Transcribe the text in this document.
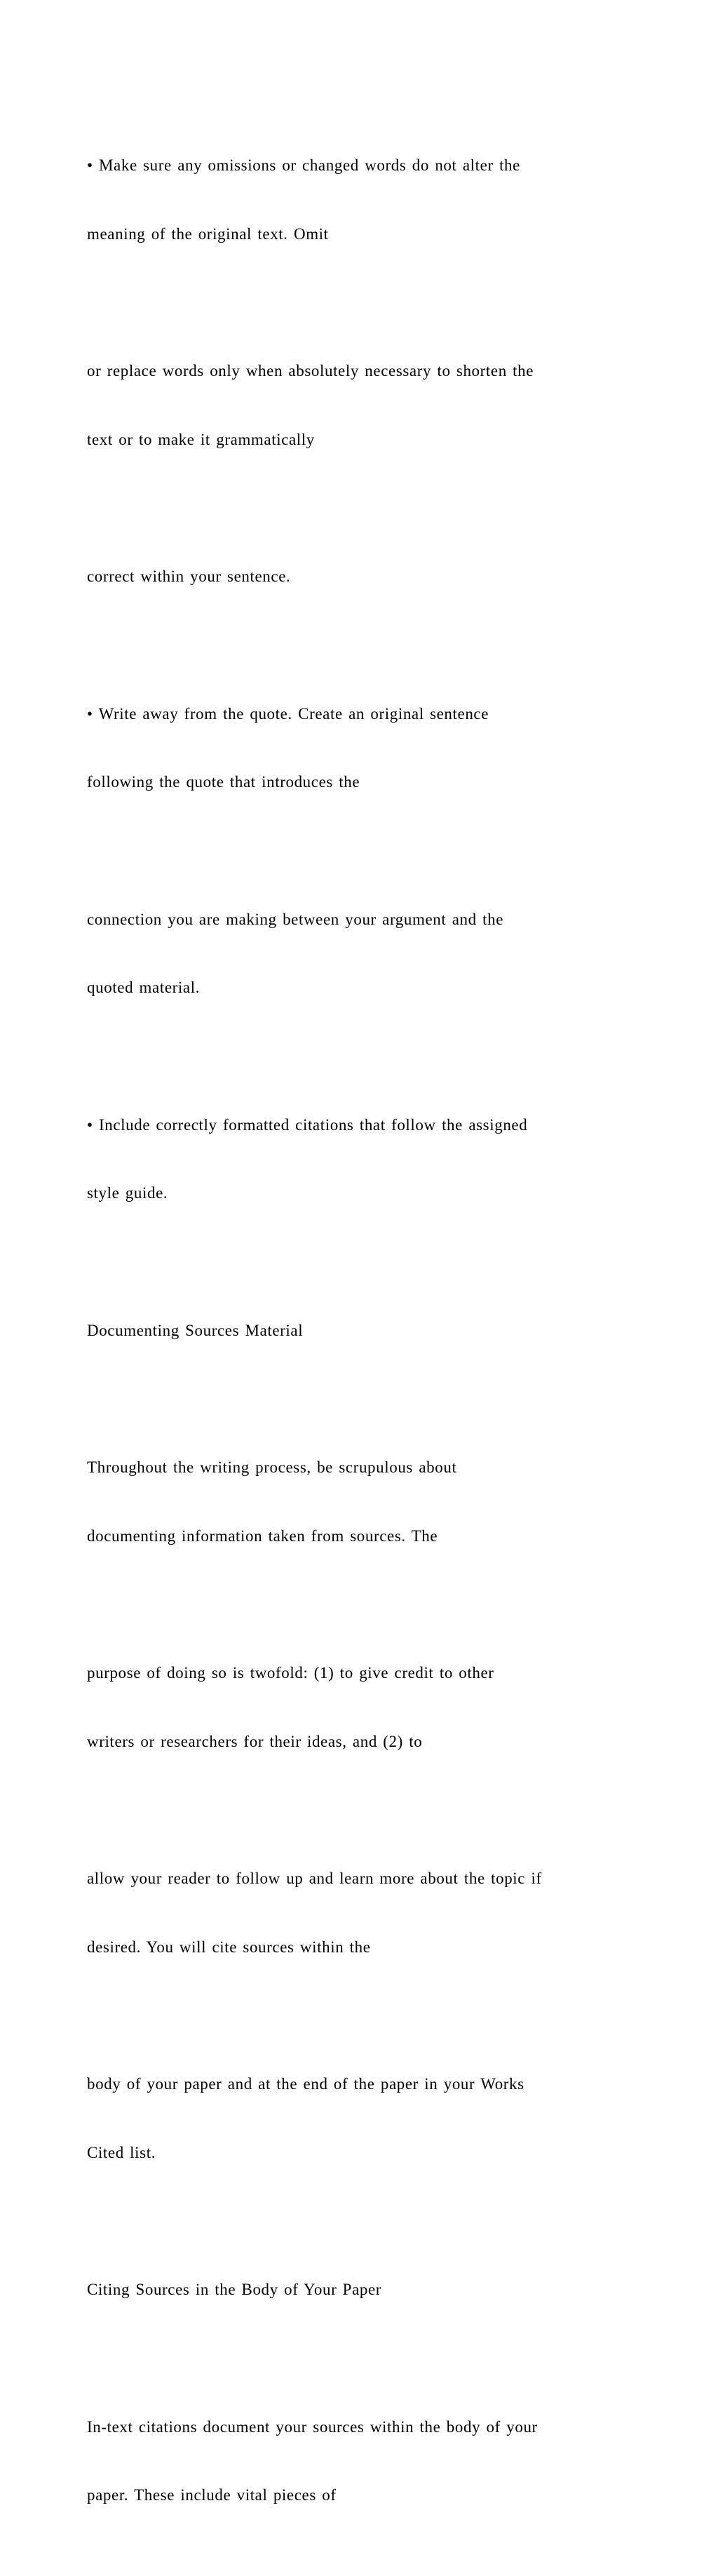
• Make sure any omissions or changed words do not alter the

meaning of the original text. Omit

or replace words only when absolutely necessary to shorten the

text or to make it grammatically

correct within your sentence.

• Write away from the quote. Create an original sentence

following the quote that introduces the

connection you are making between your argument and the

quoted material.

• Include correctly formatted citations that follow the assigned

style guide.

Documenting Sources Material

Throughout the writing process, be scrupulous about

documenting information taken from sources. The

purpose of doing so is twofold: (1) to give credit to other

writers or researchers for their ideas, and (2) to

allow your reader to follow up and learn more about the topic if

desired. You will cite sources within the

body of your paper and at the end of the paper in your Works

Cited list.

Citing Sources in the Body of Your Paper

In-text citations document your sources within the body of your

paper. These include vital pieces of
